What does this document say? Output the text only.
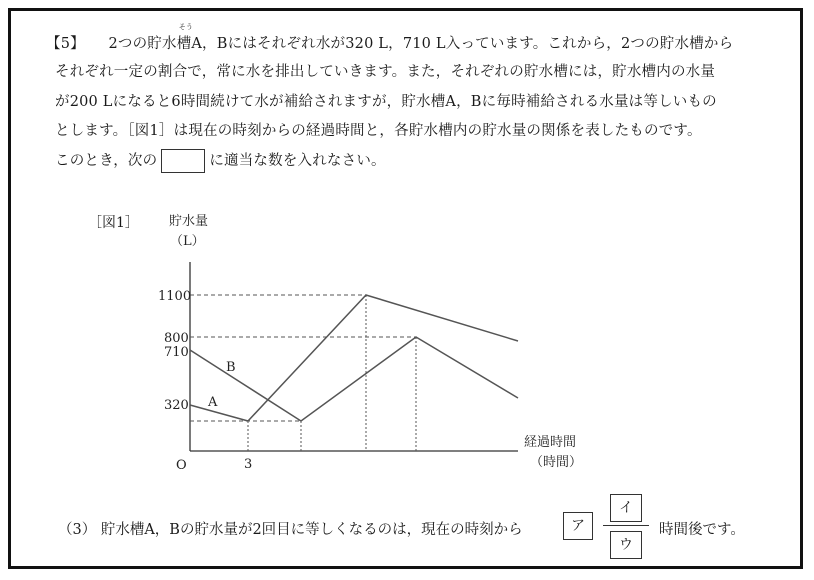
【5】 2つの貯水
そう
槽A，Bにはそれぞれ水が320 L，710 L入っています。これから，2つの貯水槽から
それぞれ一定の割合で，常に水を排出していきます。また，それぞれの貯水槽には，貯水槽内の水量
が200 Lになると6時間続けて水が補給されますが，貯水槽A，Bに毎時補給される水量は等しいもの
とします。［図1］は現在の時刻からの経過時間と，各貯水槽内の貯水量の関係を表したものです。
このとき，次の	に適当な数を入れなさい。
［図1］ 貯水量
（L）
1100
800
710
320
O	3
経過時間
（時間）
A
B
（3） 貯水槽A，Bの貯水量が2回目に等しくなるのは，現在の時刻から	ア
イ
ウ
時間後です。
